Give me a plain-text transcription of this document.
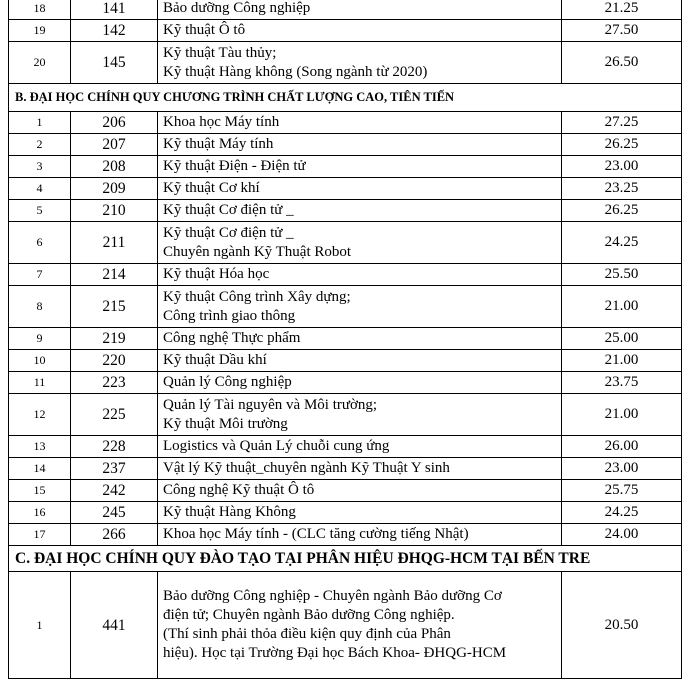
18	141	Bảo dưỡng Công nghiệp	21.25
19	142	Kỹ thuật Ô tô	27.50
20	145	Kỹ thuật Tàu thủy;
Kỹ thuật Hàng không (Song ngành từ 2020)	26.50
B. ĐẠI HỌC CHÍNH QUY CHƯƠNG TRÌNH CHẤT LƯỢNG CAO, TIÊN TIẾN			
1	206	Khoa học Máy tính	27.25
2	207	Kỹ thuật Máy tính	26.25
3	208	Kỹ thuật Điện - Điện tử	23.00
4	209	Kỹ thuật Cơ khí	23.25
5	210	Kỹ thuật Cơ điện tử _	26.25
6	211	Kỹ thuật Cơ điện tử _
Chuyên ngành Kỹ Thuật Robot	24.25
7	214	Kỹ thuật Hóa học	25.50
8	215	Kỹ thuật Công trình Xây dựng;
Công trình giao thông	21.00
9	219	Công nghệ Thực phẩm	25.00
10	220	Kỹ thuật Dầu khí	21.00
11	223	Quản lý Công nghiệp	23.75
12	225	Quản lý Tài nguyên và Môi trường;
Kỹ thuật Môi trường	21.00
13	228	Logistics và Quản Lý chuỗi cung ứng	26.00
14	237	Vật lý Kỹ thuật_chuyên ngành Kỹ Thuật Y sinh	23.00
15	242	Công nghệ Kỹ thuật Ô tô	25.75
16	245	Kỹ thuật Hàng Không	24.25
17	266	Khoa học Máy tính - (CLC tăng cường tiếng Nhật)	24.00
C. ĐẠI HỌC CHÍNH QUY ĐÀO TẠO TẠI PHÂN HIỆU ĐHQG-HCM TẠI BẾN TRE			
1	441	Bảo dưỡng Công nghiệp - Chuyên ngành Bảo dưỡng Cơ
điện tử; Chuyên ngành Bảo dưỡng Công nghiệp.
(Thí sinh phải thỏa điều kiện quy định của Phân
hiệu). Học tại Trường Đại học Bách Khoa- ĐHQG-HCM	20.50
